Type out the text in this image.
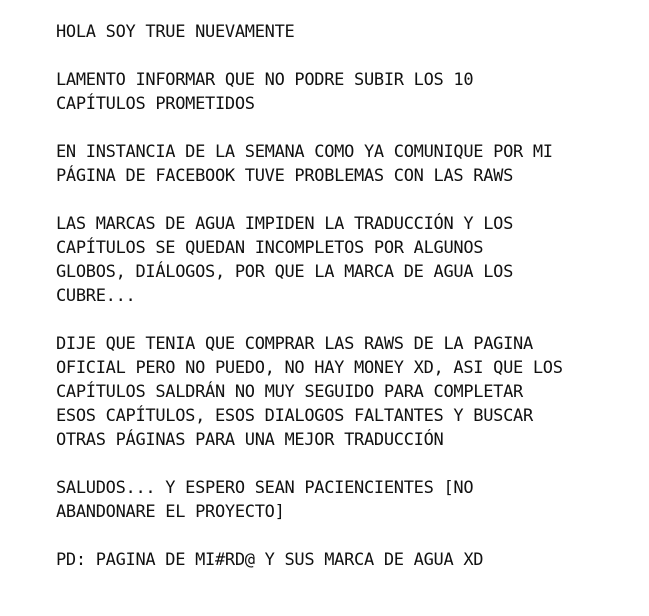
HOLA SOY TRUE NUEVAMENTE
LAMENTO INFORMAR QUE NO PODRE SUBIR LOS 10
CAPÍTULOS PROMETIDOS
EN INSTANCIA DE LA SEMANA COMO YA COMUNIQUE POR MI
PÁGINA DE FACEBOOK TUVE PROBLEMAS CON LAS RAWS
LAS MARCAS DE AGUA IMPIDEN LA TRADUCCIÓN Y LOS
CAPÍTULOS SE QUEDAN INCOMPLETOS POR ALGUNOS
GLOBOS, DIÁLOGOS, POR QUE LA MARCA DE AGUA LOS
CUBRE...
DIJE QUE TENIA QUE COMPRAR LAS RAWS DE LA PAGINA
OFICIAL PERO NO PUEDO, NO HAY MONEY XD, ASI QUE LOS
CAPÍTULOS SALDRÁN NO MUY SEGUIDO PARA COMPLETAR
ESOS CAPÍTULOS, ESOS DIALOGOS FALTANTES Y BUSCAR
OTRAS PÁGINAS PARA UNA MEJOR TRADUCCIÓN
SALUDOS... Y ESPERO SEAN PACIENCIENTES [NO
ABANDONARE EL PROYECTO]
PD: PAGINA DE MI#RD@ Y SUS MARCA DE AGUA XD
